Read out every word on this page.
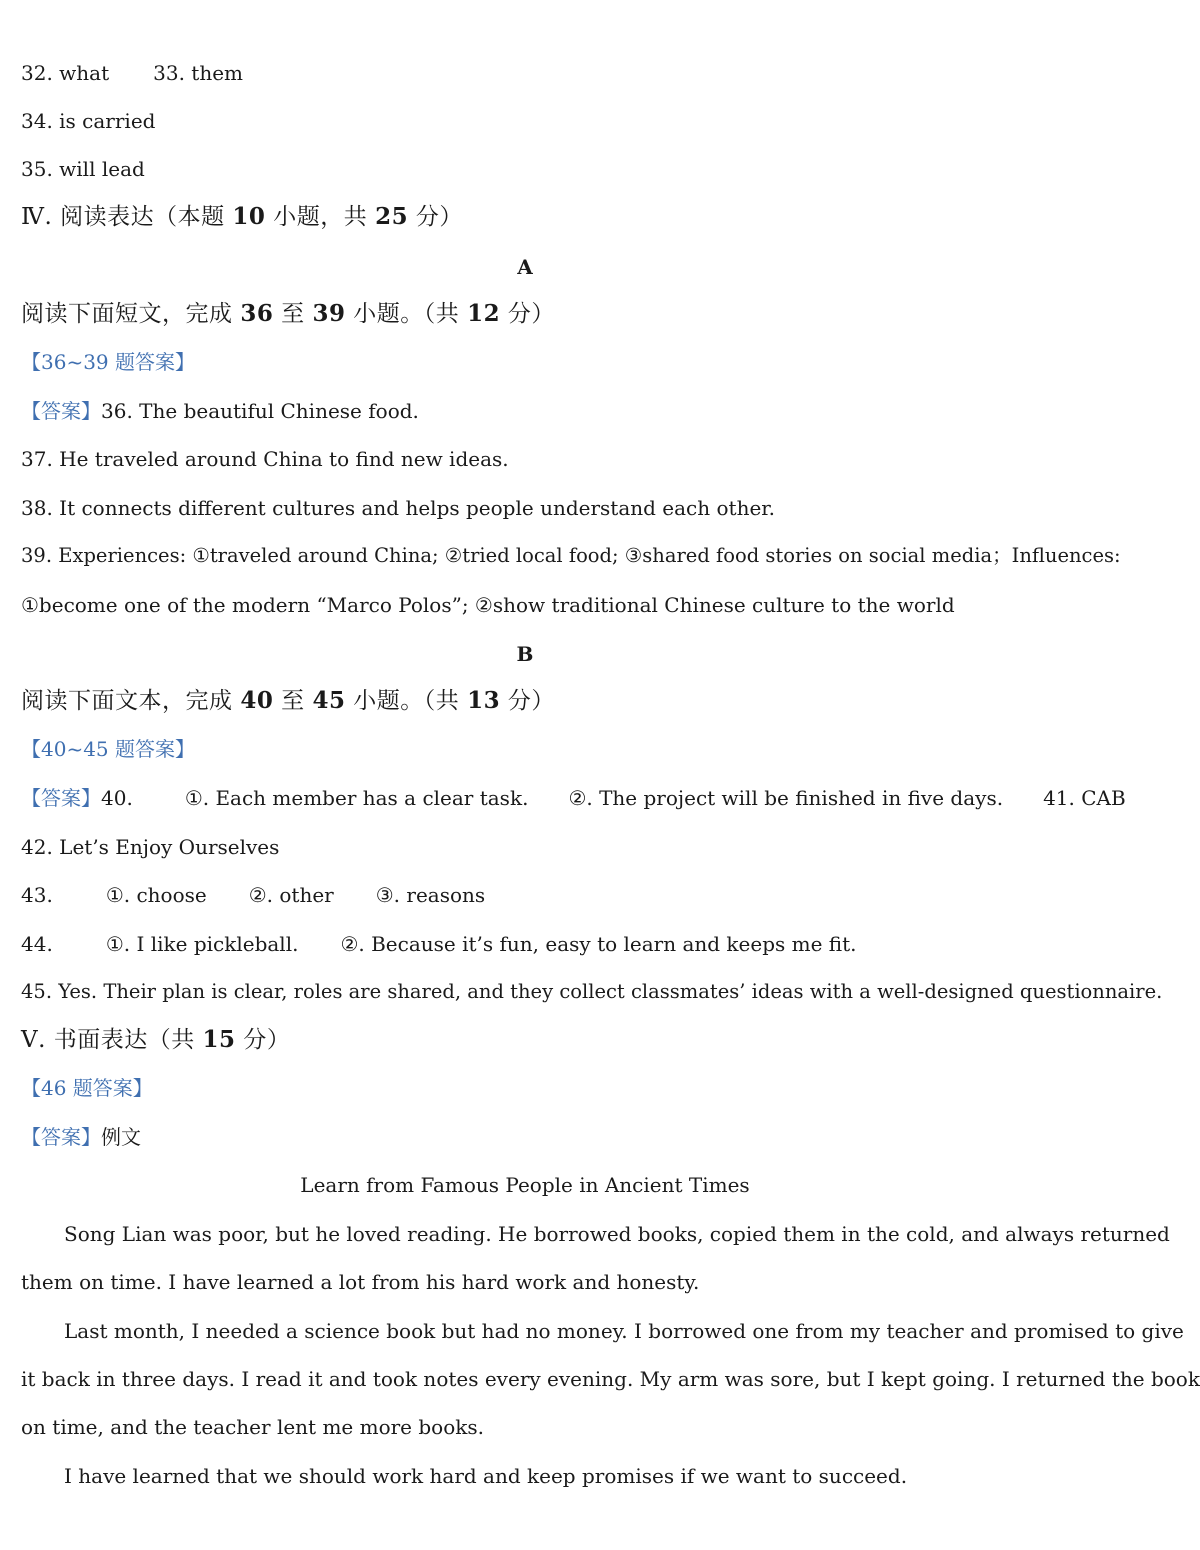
32. what 33. them
34. is carried
35. will lead
Ⅳ. 阅读表达（本题 10 小题，共 25 分）
A
阅读下面短文，完成 36 至 39 小题。（共 12 分）
【36~39 题答案】
【答案】36. The beautiful Chinese food.
37. He traveled around China to find new ideas.
38. It connects different cultures and helps people understand each other.
39. Experiences: ①traveled around China; ②tried local food; ③shared food stories on social media；Influences:
①become one of the modern “Marco Polos”; ②show traditional Chinese culture to the world
B
阅读下面文本，完成 40 至 45 小题。（共 13 分）
【40~45 题答案】
【答案】40.	①. Each member has a clear task. ②. The project will be finished in five days. 41. CAB
42. Let’s Enjoy Ourselves
43.	①. choose ②. other ③. reasons
44.	①. I like pickleball. ②. Because it’s fun, easy to learn and keeps me fit.
45. Yes. Their plan is clear, roles are shared, and they collect classmates’ ideas with a well-designed questionnaire.
Ⅴ. 书面表达（共 15 分）
【46 题答案】
【答案】例文
Learn from Famous People in Ancient Times
Song Lian was poor, but he loved reading. He borrowed books, copied them in the cold, and always returned
them on time. I have learned a lot from his hard work and honesty.
Last month, I needed a science book but had no money. I borrowed one from my teacher and promised to give
it back in three days. I read it and took notes every evening. My arm was sore, but I kept going. I returned the book
on time, and the teacher lent me more books.
I have learned that we should work hard and keep promises if we want to succeed.
